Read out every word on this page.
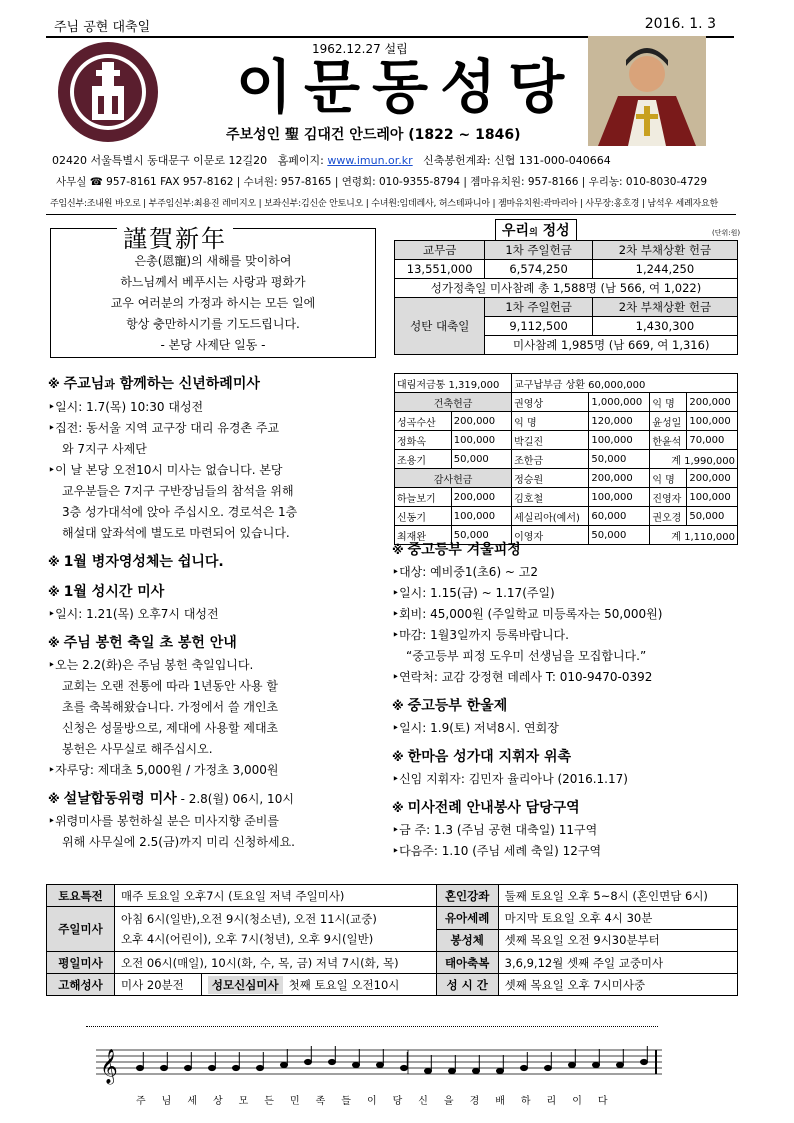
주님 공현 대축일	2016. 1. 3
1962.12.27 설립
이문동성당
주보성인 聖 김대건 안드레아 (1822 ~ 1846)
02420 서울특별시 동대문구 이문로 12길20 홈페이지: www.imun.or.kr 신축봉헌계좌: 신협 131-000-040664
사무실 ☎ 957-8161 FAX 957-8162 | 수녀원: 957-8165 | 연령회: 010-9355-8794 | 젬마유치원: 957-8166 | 우리농: 010-8030-4729
주임신부:조내원 바오로 | 부주임신부:최용진 레미지오 | 보좌신부:김신순 안토니오 | 수녀원:임데레사, 허스테파니아 | 젬마유치원:곽마리아 | 사무장:홍호경 | 남석우 세례자요한
謹賀新年
은총(恩寵)의 새해를 맞이하여
하느님께서 베푸시는 사랑과 평화가
교우 여러분의 가정과 하시는 모든 일에
항상 충만하시기를 기도드립니다.
- 본당 사제단 일동 -
우리의 정성	(단위:원)
교무금	1차 주일헌금	2차 부채상환 헌금
13,551,000	6,574,250	1,244,250
성가정축일 미사참례 총 1,588명 (남 566, 여 1,022)		
성탄 대축일	1차 주일헌금	2차 부채상환 헌금
	9,112,500	1,430,300
	미사참례 1,985명 (남 669, 여 1,316)	
대림저금통 1,319,000		교구납부금 상환 60,000,000			
건축헌금		권영상	1,000,000	익 명	200,000
성곡수산	200,000	익 명	120,000	윤성일	100,000
정화옥	100,000	박길진	100,000	한윤석	70,000
조용기	50,000	조한금	50,000	계 1,990,000	
감사헌금		정승원	200,000	익 명	200,000
하늘보기	200,000	김호철	100,000	진영자	100,000
신동기	100,000	세실리아(예서)	60,000	권오경	50,000
최재완	50,000	이영자	50,000	계 1,110,000	
※ 주교님과 함께하는 신년하례미사
‣일시: 1.7(목) 10:30 대성전
‣집전: 동서울 지역 교구장 대리 유경촌 주교
와 7지구 사제단
‣이 날 본당 오전10시 미사는 없습니다. 본당
교우분들은 7지구 구반장님들의 참석을 위해
3층 성가대석에 앉아 주십시오. 경로석은 1층
해설대 앞좌석에 별도로 마련되어 있습니다.
※ 1월 병자영성체는 쉽니다.
※ 1월 성시간 미사
‣일시: 1.21(목) 오후7시 대성전
※ 주님 봉헌 축일 초 봉헌 안내
‣오는 2.2(화)은 주님 봉헌 축일입니다.
교회는 오랜 전통에 따라 1년동안 사용 할
초를 축복해왔습니다. 가정에서 쓸 개인초
신청은 성물방으로, 제대에 사용할 제대초
봉헌은 사무실로 해주십시오.
‣자루당: 제대초 5,000원 / 가정초 3,000원
※ 설날합동위령 미사 - 2.8(월) 06시, 10시
‣위령미사를 봉헌하실 분은 미사지향 준비를
위해 사무실에 2.5(금)까지 미리 신청하세요.
※ 중고등부 겨울피정
‣대상: 예비중1(초6) ~ 고2
‣일시: 1.15(금) ~ 1.17(주일)
‣회비: 45,000원 (주일학교 미등록자는 50,000원)
‣마감: 1월3일까지 등록바랍니다.
“중고등부 피정 도우미 선생님을 모집합니다.”
‣연락처: 교감 강정현 데레사 T: 010-9470-0392
※ 중고등부 한울제
‣일시: 1.9(토) 저녁8시. 연회장
※ 한마음 성가대 지휘자 위촉
‣신임 지휘자: 김민자 율리아나 (2016.1.17)
※ 미사전례 안내봉사 담당구역
‣금 주: 1.3 (주님 공현 대축일) 11구역
‣다음주: 1.10 (주님 세례 축일) 12구역
토요특전	매주 토요일 오후7시 (토요일 저녁 주일미사)		혼인강좌	둘째 토요일 오후 5~8시 (혼인면담 6시)
주일미사	아침 6시(일반),오전 9시(청소년), 오전 11시(교중)
오후 4시(어린이), 오후 7시(청년), 오후 9시(일반)		유아세례	마지막 토요일 오후 4시 30분
			봉성체	셋째 목요일 오전 9시30분부터
평일미사	오전 06시(매일), 10시(화, 수, 목, 금) 저녁 7시(화, 목)		태아축복	3,6,9,12월 셋째 주일 교중미사
고해성사	미사 20분전	성모신심미사 첫째 토요일 오전10시	성 시 간	셋째 목요일 오후 7시미사중
𝄞
주님세상모든민족들이당신을경배하리이다
